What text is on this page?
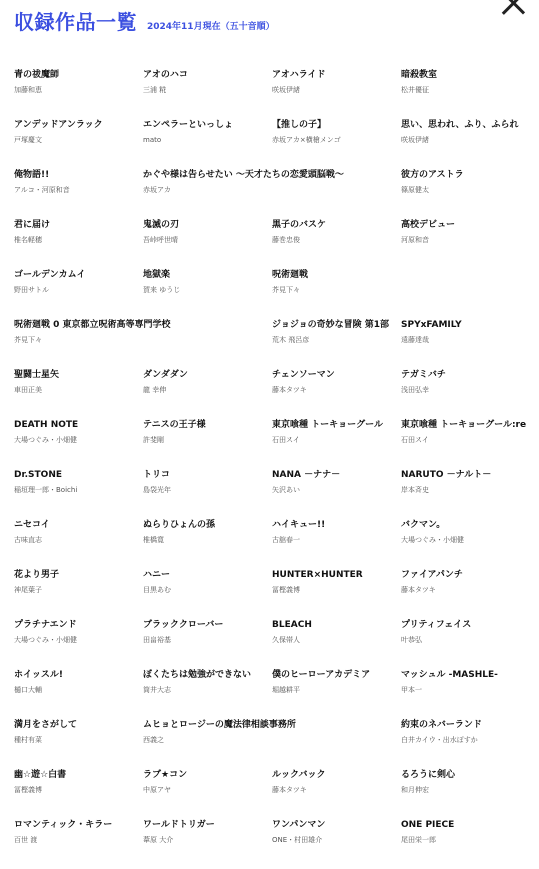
収録作品一覧 2024年11月現在（五十音順）
青の祓魔師
加藤和恵
アオのハコ
三浦 糀
アオハライド
咲坂伊緒
暗殺教室
松井優征
アンデッドアンラック
戸塚慶文
エンペラーといっしょ
mato
【推しの子】
赤坂アカ×横槍メンゴ
思い、思われ、ふり、ふられ
咲坂伊緒
俺物語!!
アルコ・河原和音
かぐや様は告らせたい ～天才たちの恋愛頭脳戦～
赤坂アカ
彼方のアストラ
篠原健太
君に届け
椎名軽穂
鬼滅の刃
吾峠呼世晴
黒子のバスケ
藤巻忠俊
高校デビュー
河原和音
ゴールデンカムイ
野田サトル
地獄楽
賀来 ゆうじ
呪術廻戦
芥見下々
呪術廻戦 0 東京都立呪術高等専門学校
芥見下々
ジョジョの奇妙な冒険 第1部
荒木 飛呂彦
SPYxFAMILY
遠藤達哉
聖闘士星矢
車田正美
ダンダダン
龍 幸伸
チェンソーマン
藤本タツキ
テガミバチ
浅田弘幸
DEATH NOTE
大場つぐみ・小畑健
テニスの王子様
許斐剛
東京喰種 トーキョーグール
石田スイ
東京喰種 トーキョーグール:re
石田スイ
Dr.STONE
稲垣理一郎・Boichi
トリコ
島袋光年
NANA －ナナ－
矢沢あい
NARUTO －ナルト－
岸本斉史
ニセコイ
古味直志
ぬらりひょんの孫
椎橋寛
ハイキュー!!
古舘春一
バクマン。
大場つぐみ・小畑健
花より男子
神尾葉子
ハニー
目黒あむ
HUNTER×HUNTER
冨樫義博
ファイアパンチ
藤本タツキ
プラチナエンド
大場つぐみ・小畑健
ブラッククローバー
田畠裕基
BLEACH
久保帯人
プリティフェイス
叶恭弘
ホイッスル!
樋口大輔
ぼくたちは勉強ができない
筒井大志
僕のヒーローアカデミア
堀越耕平
マッシュル -MASHLE-
甲本一
満月をさがして
種村有菜
ムヒョとロージーの魔法律相談事務所
西義之
約束のネバーランド
白井カイウ・出水ぽすか
幽☆遊☆白書
冨樫義博
ラブ★コン
中原アヤ
ルックバック
藤本タツキ
るろうに剣心
和月伸宏
ロマンティック・キラー
百世 渡
ワールドトリガー
葦原 大介
ワンパンマン
ONE・村田雄介
ONE PIECE
尾田栄一郎
